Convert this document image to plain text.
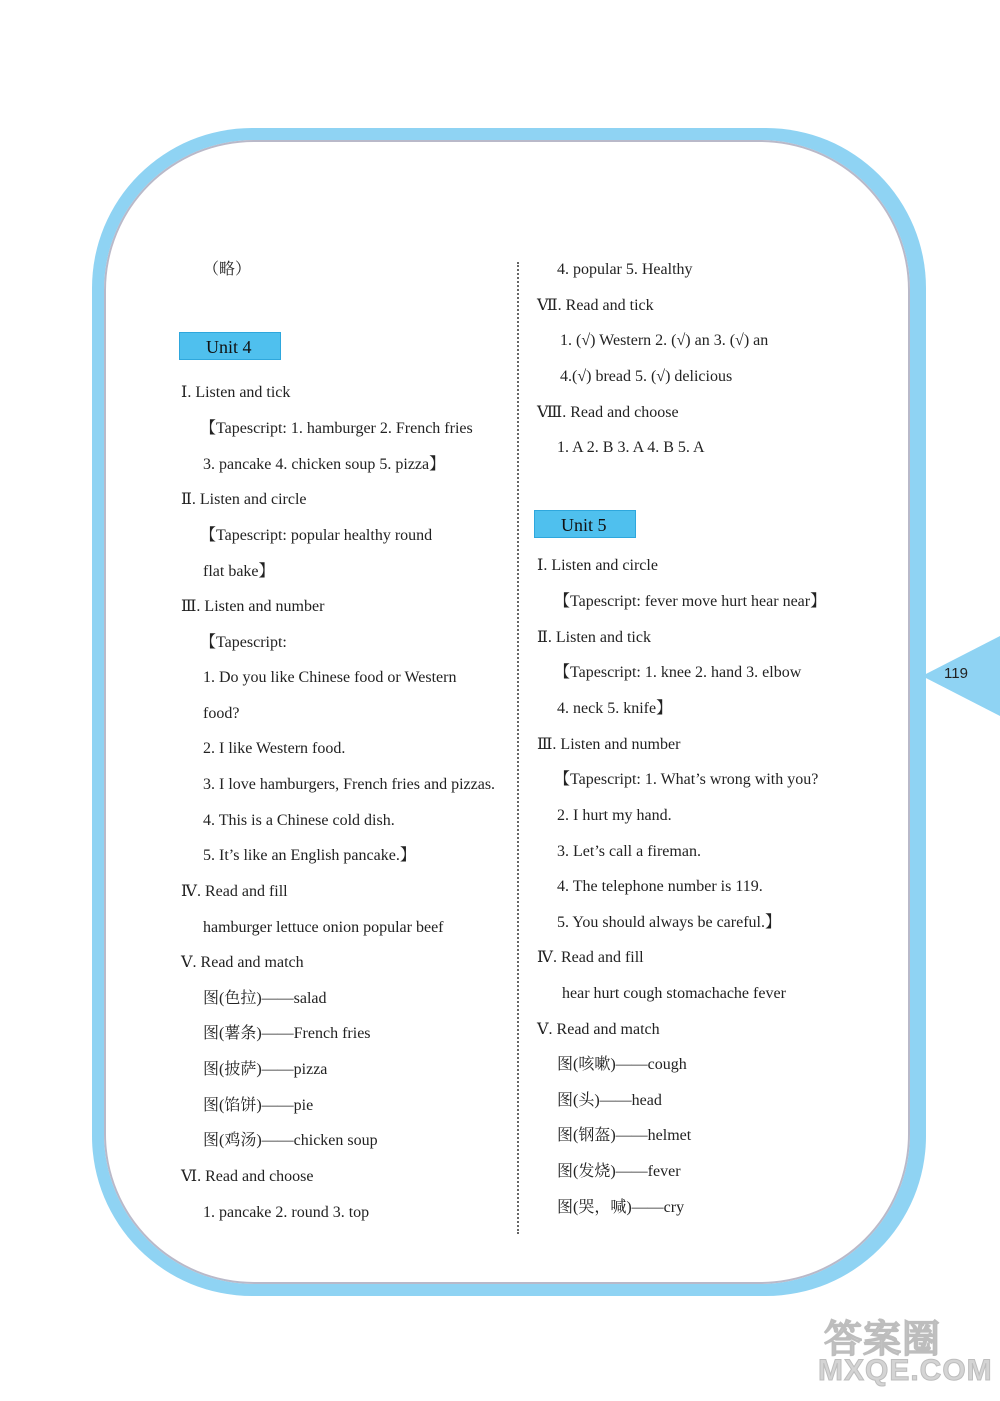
（略）
Unit 4
Ⅰ. Listen and tick
【Tapescript: 1. hamburger 2. French fries
3. pancake 4. chicken soup 5. pizza】
Ⅱ. Listen and circle
【Tapescript: popular healthy round
flat bake】
Ⅲ. Listen and number
【Tapescript:
1. Do you like Chinese food or Western
food?
2. I like Western food.
3. I love hamburgers, French fries and pizzas.
4. This is a Chinese cold dish.
5. It’s like an English pancake.】
Ⅳ. Read and fill
hamburger lettuce onion popular beef
Ⅴ. Read and match
图(色拉)——salad
图(薯条)——French fries
图(披萨)——pizza
图(馅饼)——pie
图(鸡汤)——chicken soup
Ⅵ. Read and choose
1. pancake 2. round 3. top
4. popular 5. Healthy
Ⅶ. Read and tick
1. (√) Western 2. (√) an 3. (√) an
4.(√) bread 5. (√) delicious
Ⅷ. Read and choose
1. A 2. B 3. A 4. B 5. A
Unit 5
Ⅰ. Listen and circle
【Tapescript: fever move hurt hear near】
Ⅱ. Listen and tick
【Tapescript: 1. knee 2. hand 3. elbow
4. neck 5. knife】
Ⅲ. Listen and number
【Tapescript: 1. What’s wrong with you?
2. I hurt my hand.
3. Let’s call a fireman.
4. The telephone number is 119.
5. You should always be careful.】
Ⅳ. Read and fill
hear hurt cough stomachache fever
Ⅴ. Read and match
图(咳嗽)——cough
图(头)——head
图(钢盔)——helmet
图(发烧)——fever
图(哭，喊)——cry
119
答案圈
MXQE.COM
